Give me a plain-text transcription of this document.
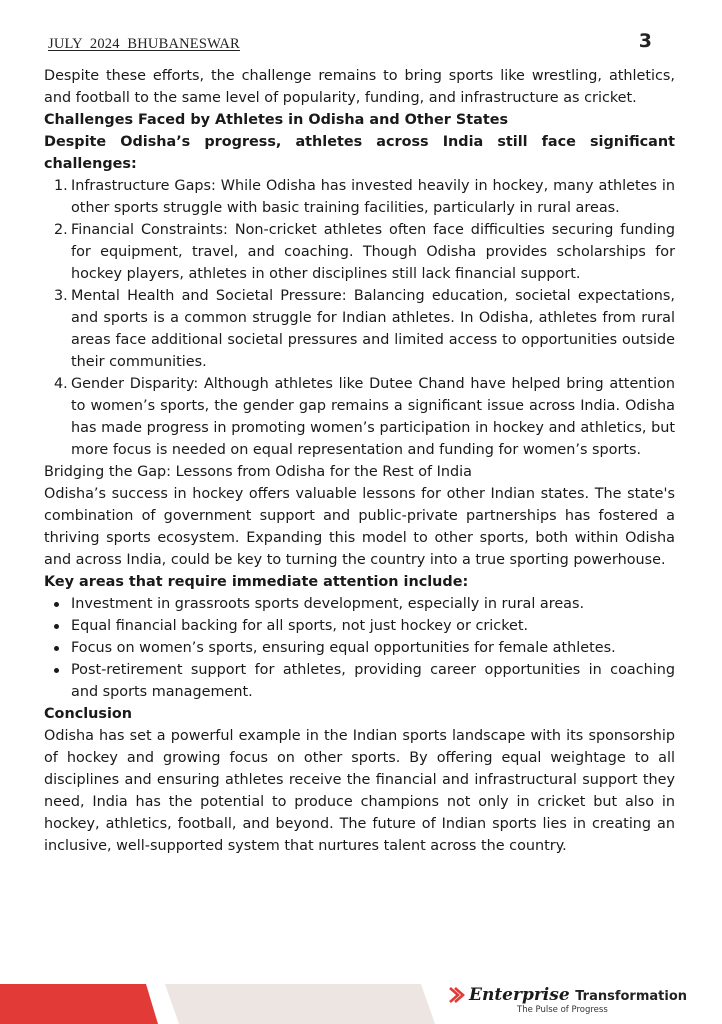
JULY  2024  BHUBANESWAR	3

Despite these efforts, the challenge remains to bring sports like wrestling, athletics, and football to the same level of popularity, funding, and infrastructure as cricket.

Challenges Faced by Athletes in Odisha and Other States

Despite Odisha’s progress, athletes across India still face significant challenges:

1. Infrastructure Gaps: While Odisha has invested heavily in hockey, many athletes in other sports struggle with basic training facilities, particularly in rural areas.
2. Financial Constraints: Non-cricket athletes often face difficulties securing funding for equipment, travel, and coaching. Though Odisha provides scholarships for hockey players, athletes in other disciplines still lack financial support.
3. Mental Health and Societal Pressure: Balancing education, societal expectations, and sports is a common struggle for Indian athletes. In Odisha, athletes from rural areas face additional societal pressures and limited access to opportunities outside their communities.
4. Gender Disparity: Although athletes like Dutee Chand have helped bring attention to women’s sports, the gender gap remains a significant issue across India. Odisha has made progress in promoting women’s participation in hockey and athletics, but more focus is needed on equal representation and funding for women’s sports.

Bridging the Gap: Lessons from Odisha for the Rest of India

Odisha’s success in hockey offers valuable lessons for other Indian states. The state's combination of government support and public-private partnerships has fostered a thriving sports ecosystem. Expanding this model to other sports, both within Odisha and across India, could be key to turning the country into a true sporting powerhouse.

Key areas that require immediate attention include:

Investment in grassroots sports development, especially in rural areas.
Equal financial backing for all sports, not just hockey or cricket.
Focus on women’s sports, ensuring equal opportunities for female athletes.
Post-retirement support for athletes, providing career opportunities in coaching and sports management.

Conclusion

Odisha has set a powerful example in the Indian sports landscape with its sponsorship of hockey and growing focus on other sports. By offering equal weightage to all disciplines and ensuring athletes receive the financial and infrastructural support they need, India has the potential to produce champions not only in cricket but also in hockey, athletics, football, and beyond. The future of Indian sports lies in creating an inclusive, well-supported system that nurtures talent across the country.

Enterprise Transformation
The Pulse of Progress
